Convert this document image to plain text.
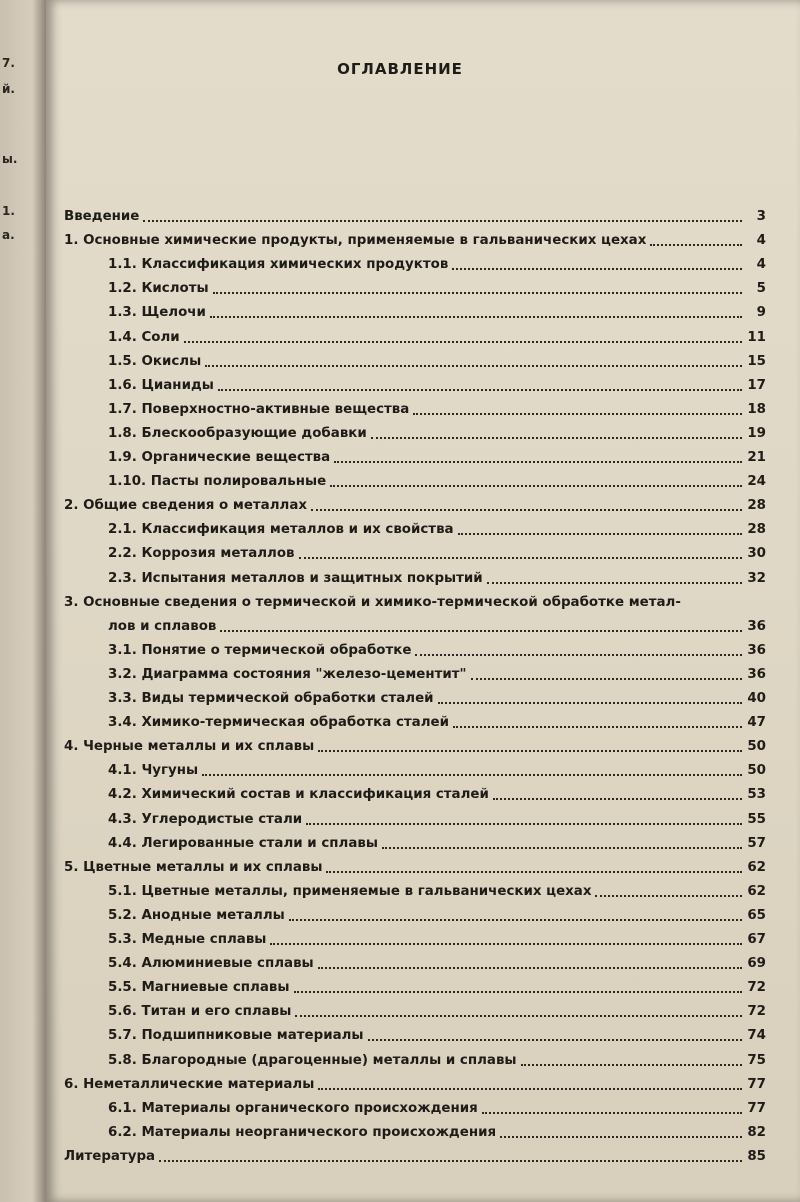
7.
й.
ы.
1.
а.
ОГЛАВЛЕНИЕ
Введение	3
1. Основные химические продукты, применяемые в гальванических цехах	4
1.1. Классификация химических продуктов	4
1.2. Кислоты	5
1.3. Щелочи	9
1.4. Соли	11
1.5. Окислы	15
1.6. Цианиды	17
1.7. Поверхностно-активные вещества	18
1.8. Блескообразующие добавки	19
1.9. Органические вещества	21
1.10. Пасты полировальные	24
2. Общие сведения о металлах	28
2.1. Классификация металлов и их свойства	28
2.2. Коррозия металлов	30
2.3. Испытания металлов и защитных покрытий	32
3. Основные сведения о термической и химико-термической обработке метал-
лов и сплавов	36
3.1. Понятие о термической обработке	36
3.2. Диаграмма состояния "железо-цементит"	36
3.3. Виды термической обработки сталей	40
3.4. Химико-термическая обработка сталей	47
4. Черные металлы и их сплавы	50
4.1. Чугуны	50
4.2. Химический состав и классификация сталей	53
4.3. Углеродистые стали	55
4.4. Легированные стали и сплавы	57
5. Цветные металлы и их сплавы	62
5.1. Цветные металлы, применяемые в гальванических цехах	62
5.2. Анодные металлы	65
5.3. Медные сплавы	67
5.4. Алюминиевые сплавы	69
5.5. Магниевые сплавы	72
5.6. Титан и его сплавы	72
5.7. Подшипниковые материалы	74
5.8. Благородные (драгоценные) металлы и сплавы	75
6. Неметаллические материалы	77
6.1. Материалы органического происхождения	77
6.2. Материалы неорганического происхождения	82
Литература	85
